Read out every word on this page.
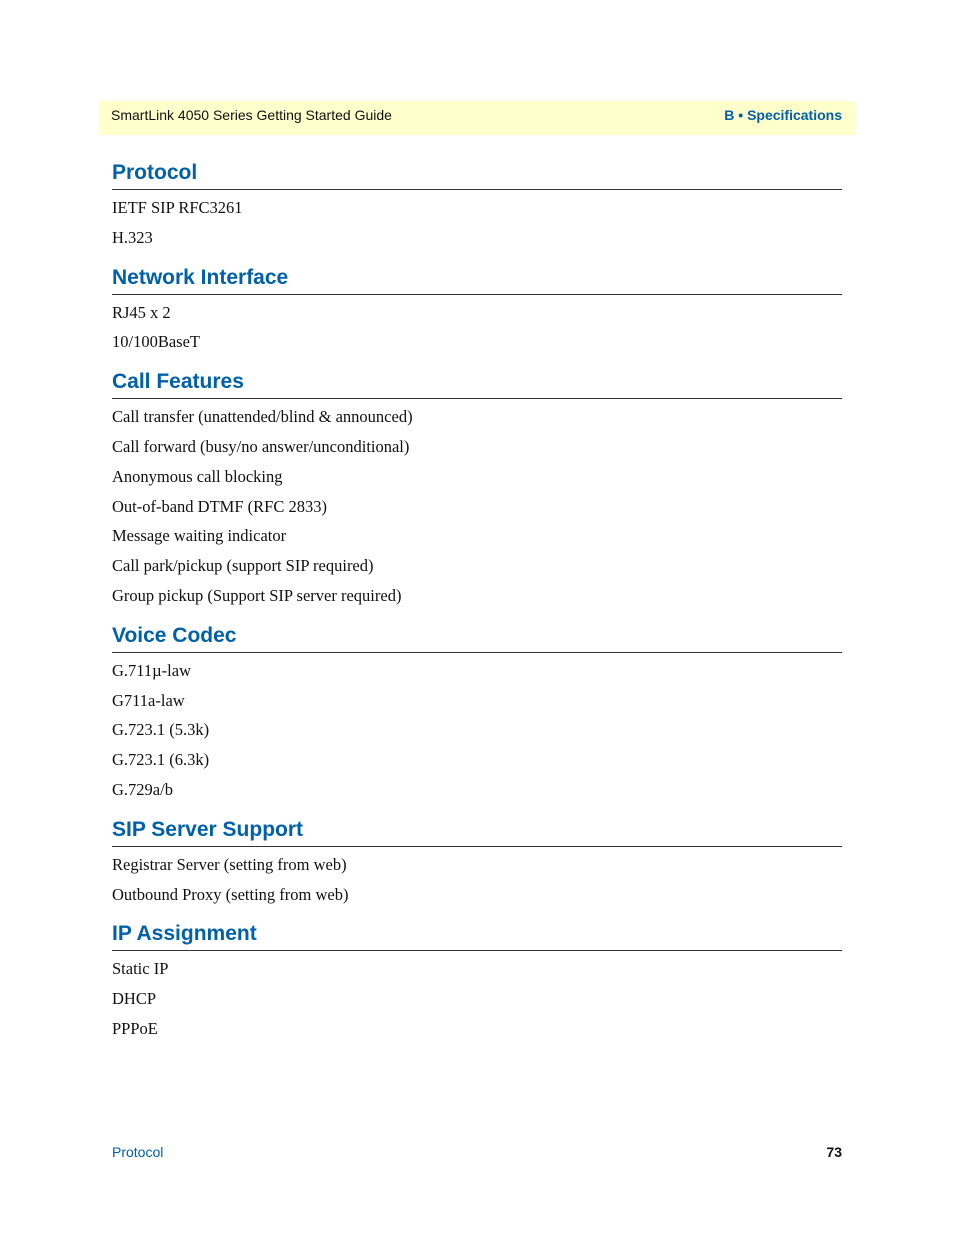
SmartLink 4050 Series Getting Started Guide	B • Specifications
Protocol
IETF SIP RFC3261
H.323
Network Interface
RJ45 x 2
10/100BaseT
Call Features
Call transfer (unattended/blind & announced)
Call forward (busy/no answer/unconditional)
Anonymous call blocking
Out-of-band DTMF (RFC 2833)
Message waiting indicator
Call park/pickup (support SIP required)
Group pickup (Support SIP server required)
Voice Codec
G.711µ-law
G711a-law
G.723.1 (5.3k)
G.723.1 (6.3k)
G.729a/b
SIP Server Support
Registrar Server (setting from web)
Outbound Proxy (setting from web)
IP Assignment
Static IP
DHCP
PPPoE
Protocol	73
